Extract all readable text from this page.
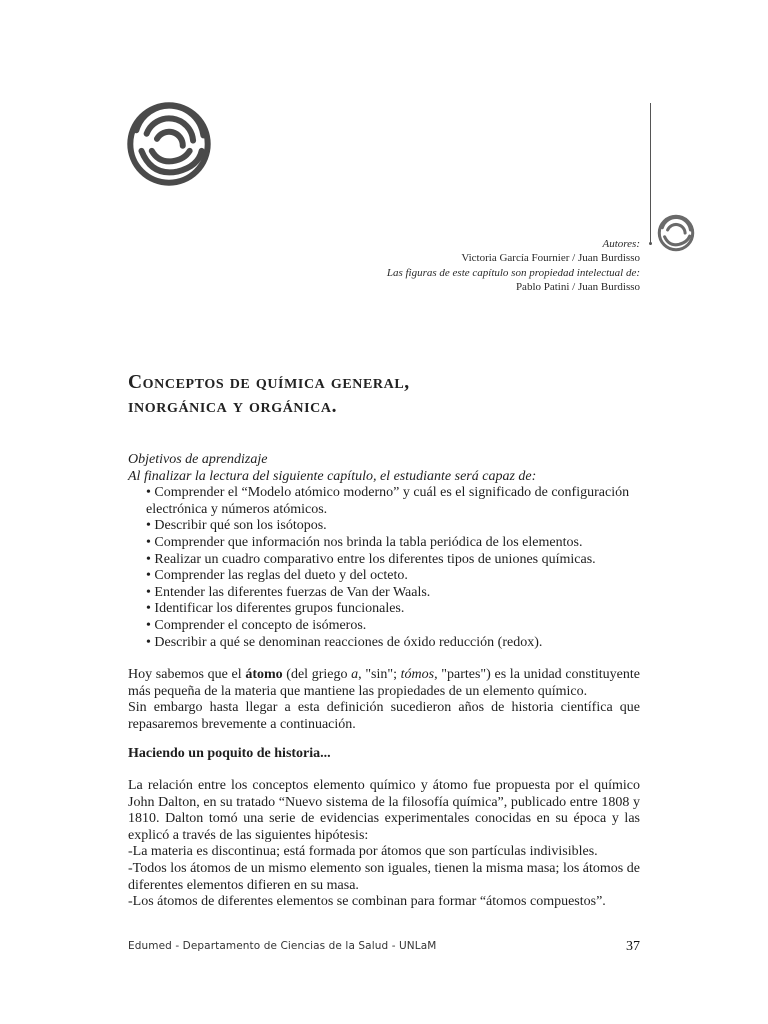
Autores:
Victoria García Fournier / Juan Burdisso
Las figuras de este capítulo son propiedad intelectual de:
Pablo Patini / Juan Burdisso
Conceptos de química general,
inorgánica y orgánica.

Objetivos de aprendizaje

Al finalizar la lectura del siguiente capítulo, el estudiante será capaz de:

• Comprender el “Modelo atómico moderno” y cuál es el significado de configuración electrónica y números atómicos.
• Describir qué son los isótopos.
• Comprender que información nos brinda la tabla periódica de los elementos.
• Realizar un cuadro comparativo entre los diferentes tipos de uniones químicas.
• Comprender las reglas del dueto y del octeto.
• Entender las diferentes fuerzas de Van der Waals.
• Identificar los diferentes grupos funcionales.
• Comprender el concepto de isómeros.
• Describir a qué se denominan reacciones de óxido reducción (redox).

Hoy sabemos que el átomo (del griego a, "sin"; tómos, "partes") es la unidad constituyente más pequeña de la materia que mantiene las propiedades de un elemento químico.

Sin embargo hasta llegar a esta definición sucedieron años de historia científica que repasaremos brevemente a continuación.

Haciendo un poquito de historia...

La relación entre los conceptos elemento químico y átomo fue propuesta por el químico John Dalton, en su tratado “Nuevo sistema de la filosofía química”, publicado entre 1808 y 1810. Dalton tomó una serie de evidencias experimentales conocidas en su época y las explicó a través de las siguientes hipótesis:

-La materia es discontinua; está formada por átomos que son partículas indivisibles.

-Todos los átomos de un mismo elemento son iguales, tienen la misma masa; los átomos de diferentes elementos difieren en su masa.

-Los átomos de diferentes elementos se combinan para formar “átomos compuestos”.

Edumed - Departamento de Ciencias de la Salud - UNLaM	37
